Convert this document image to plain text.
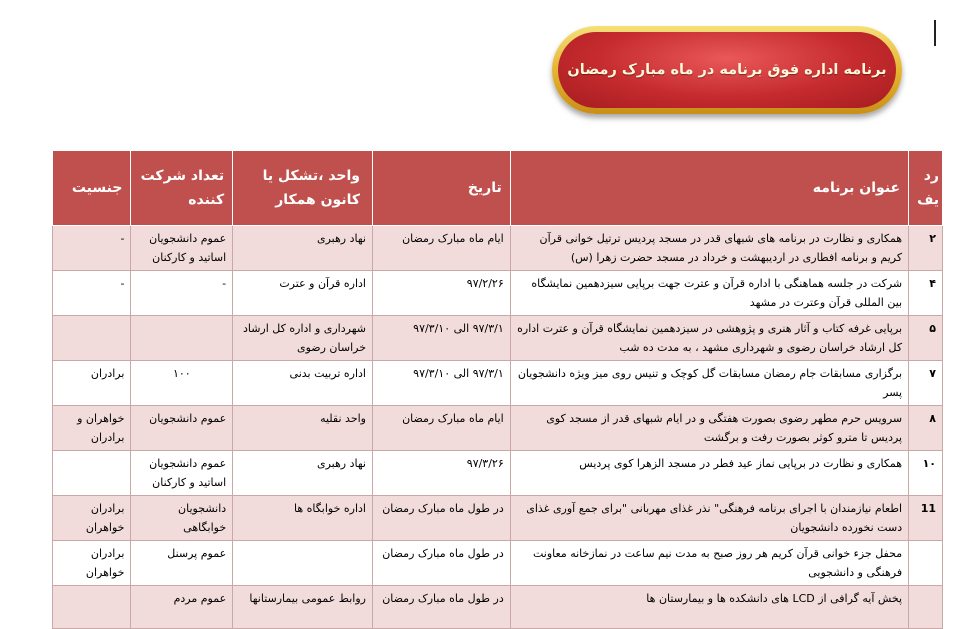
برنامه اداره فوق برنامه در ماه مبارک رمضان
رد یف	عنوان برنامه	تاریخ	واحد ،تشکل یا کانون همکار	تعداد شرکت کننده	جنسیت
۲	همکاری و نظارت در برنامه های شبهای قدر در مسجد پردیس ترتیل خوانی قرآن کریم و برنامه افطاری در اردیبهشت و خرداد در مسجد حضرت زهرا (س)	ایام ماه مبارک رمضان	نهاد رهبری	عموم دانشجویان اساتید و کارکنان	-
۴	شرکت در جلسه هماهنگی با اداره قرآن و عترت جهت برپایی سیزدهمین نمایشگاه بین المللی قرآن وعترت در مشهد	۹۷/۲/۲۶	اداره قرآن و عترت	-	-
۵	برپایی غرفه کتاب و آثار هنری و پژوهشی در سیزدهمین نمایشگاه قرآن و عترت اداره کل ارشاد خراسان رضوی و شهرداری مشهد ، به مدت ده شب	۹۷/۳/۱ الی ۹۷/۳/۱۰	شهرداری و اداره کل ارشاد خراسان رضوی		
۷	برگزاری مسابقات جام رمضان مسابقات گل کوچک و تنیس روی میز ویژه دانشجویان پسر	۹۷/۳/۱ الی ۹۷/۳/۱۰	اداره تربیت بدنی	۱۰۰	برادران
۸	سرویس حرم مطهر رضوی بصورت هفتگی و در ایام شبهای قدر از مسجد کوی پردیس تا مترو کوثر بصورت رفت و برگشت	ایام ماه مبارک رمضان	واحد نقلیه	عموم دانشجویان	خواهران و برادران
۱۰	همکاری و نظارت در برپایی نماز عید فطر در مسجد الزهرا کوی پردیس	۹۷/۳/۲۶	نهاد رهبری	عموم دانشجویان اساتید و کارکنان	
11	اطعام نیازمندان با اجرای برنامه فرهنگی" نذر غذای مهربانی "برای جمع آوری غذای دست نخورده دانشجویان	در طول ماه مبارک رمضان	اداره خوابگاه ها	دانشجویان خوابگاهی	برادران خواهران
	محفل جزء خوانی قرآن کریم هر روز صبح به مدت نیم ساعت در نمازخانه معاونت فرهنگی و دانشجویی	در طول ماه مبارک رمضان		عموم پرسنل	برادران خواهران
	پخش آیه گرافی از LCD های دانشکده ها و بیمارستان ها	در طول ماه مبارک رمضان	روابط عمومی بیمارستانها	عموم مردم	
